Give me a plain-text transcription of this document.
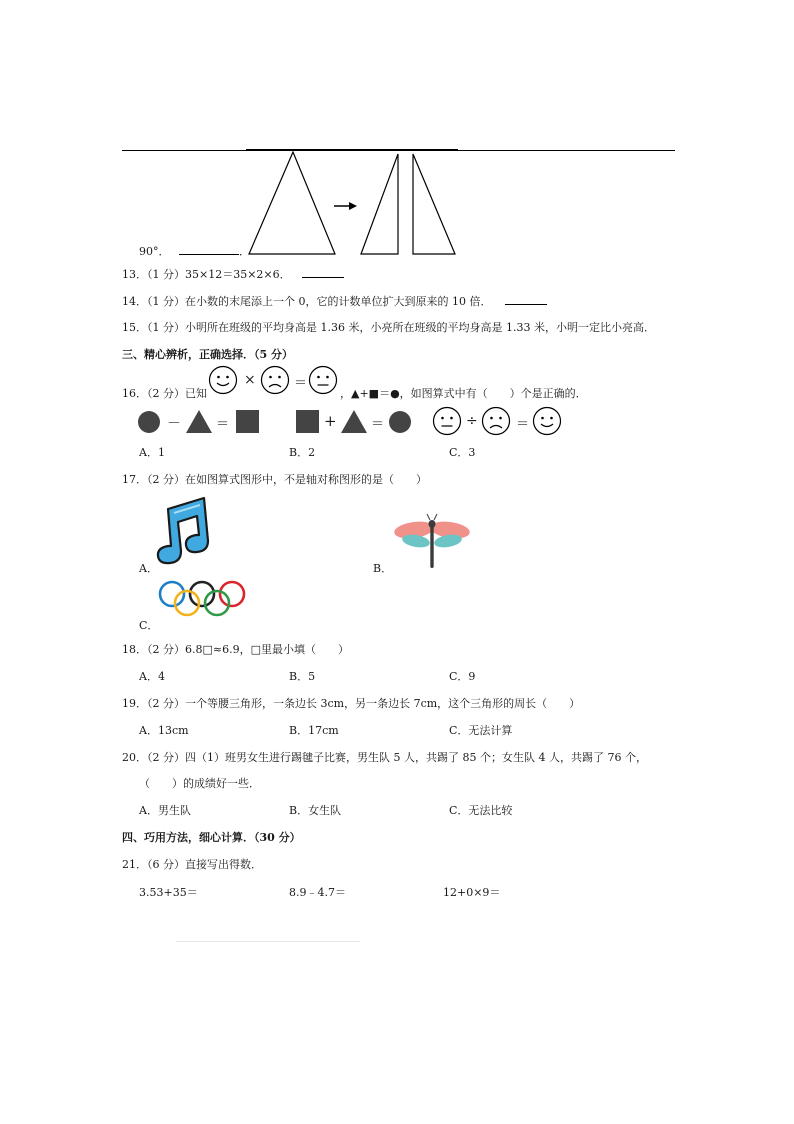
90°．	．
13．（1 分）35×12＝35×2×6．
14．（1 分）在小数的末尾添上一个 0，它的计数单位扩大到原来的 10 倍．
15．（1 分）小明所在班级的平均身高是 1.36 米，小亮所在班级的平均身高是 1.33 米，小明一定比小亮高．
三、精心辨析，正确选择．（5 分）
16．（2 分）已知
×	＝
，▲+■＝●，如图算式中有（　　）个是正确的．
－	＝	+	＝	÷	＝
A．1	B．2	C．3
17．（2 分）在如图算式图形中，不是轴对称图形的是（　　）
A．	B．
C．
18．（2 分）6.8□≈6.9，□里最小填（　　）
A．4	B．5	C．9
19．（2 分）一个等腰三角形，一条边长 3cm，另一条边长 7cm，这个三角形的周长（　　）
A．13cm	B．17cm	C．无法计算
20．（2 分）四（1）班男女生进行踢毽子比赛，男生队 5 人，共踢了 85 个；女生队 4 人，共踢了 76 个，
（　　）的成绩好一些．
A．男生队	B．女生队	C．无法比较
四、巧用方法，细心计算．（30 分）
21．（6 分）直接写出得数．
3.53+35＝	8.9﹣4.7＝	12+0×9＝
